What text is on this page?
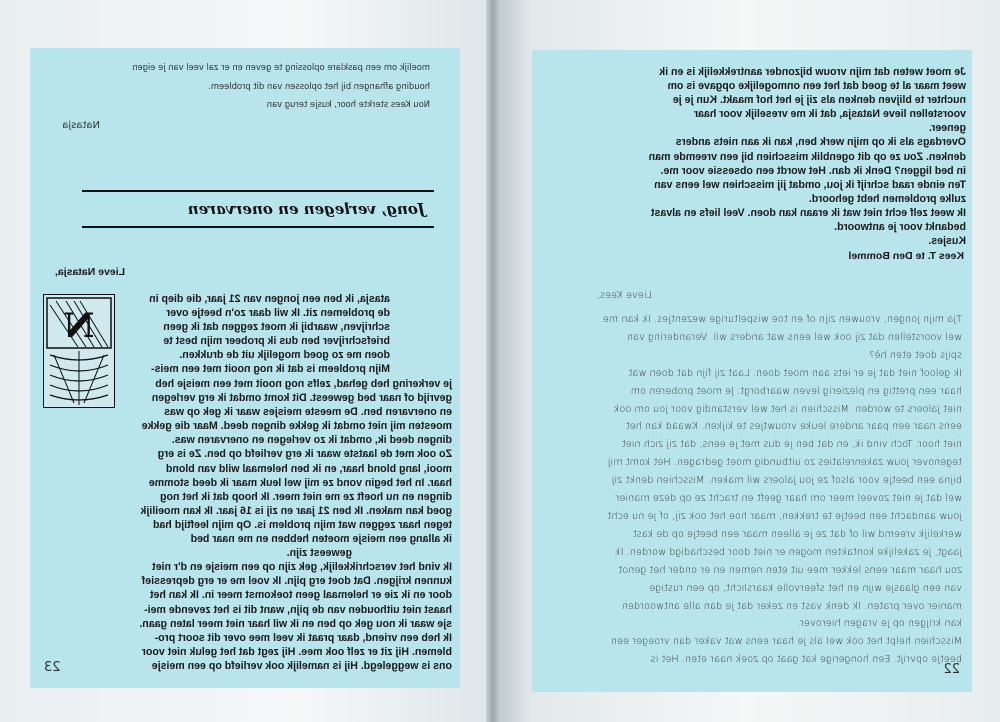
moelijk om een pasklare oplossing te geven en er zal veel van je eigen

houding afhangen bij het oplossen van dit probleem.

Nou Kees sterkte hoor, kusje terug van

Natasja
Jong, verlegen en onervaren
Lieve Natasja,
N

atasja, ik ben een jongen van 21 jaar, die diep in

de problemen zit. Ik wil daar zo'n beetje over

schrijven, waarbij ik moet zeggen dat ik geen

briefschrijver ben dus ik probeer mijn best te

doen me zo goed mogelijk uit de drukken.

Mijn probleem is dat ik nog nooit met een meis-

je verkering heb gehad, zelfs nog nooit met een meisje heb

gevrijd of naar bed geweest. Dit komt omdat ik erg verlegen

en onervaren ben. De meeste meisjes waar ik gek op was

moesten mij niet omdat ik gekke dingen deed. Maar die gekke

dingen deed ik, omdat ik zo verlegen en onervaren was.

Zo ook met de laatste waar ik erg verliefd op ben. Ze is erg

mooi, lang blond haar, en ik ben helemaal wild van blond

haar. In het begin vond ze mij wel leuk maar ik deed stomme

dingen en nu hoeft ze me niet meer. Ik hoop dat ik het nog

goed kan maken. Ik ben 21 jaar en zij is 16 jaar. Ik kan moeilijk

tegen haar zeggen wat mijn problem is. Op mijn leeftijd had

ik allang een meisje moeten hebben en me naar bed

geweest zijn.

Ik vind het verschrikkelijk, gek zijn op een meisje en d'r niet

kunnen krijgen. Dat doet erg pijn. Ik voel me er erg depressief

door en ik zie er helemaal geen toekomst meer in. Ik kan het

haast niet uithouden van de pijn, want dit is het zevende mei-

sje waar ik nou gek op ben en ik wil haar niet meer laten gaan.

Ik heb een vriend, daar praat ik veel mee over dit soort pro-

blemen. Hij zit er zelf ook mee. Hij zegt dat het geluk niet voor

ons is weggelegd. Hij is namelijk ook verliefd op een meisje

23

Je moet weten dat mijn vrouw bijzonder aantrekkelijk is en ik

weet maar al te goed dat het een onmogelijke opgave is om

nuchter te blijven denken als zij je het hof maakt. Kun je je

voorstellen lieve Natasja, dat ik me vreselijk voor haar

geneer.

Overdags als ik op mijn werk ben, kan ik aan niets anders

denken. Zou ze op dit ogenblik misschien bij een vreemde man

in bed liggen? Denk ik dan. Het wordt een obsessie voor me.

Ten einde raad schrijf ik jou, omdat jij misschien wel eens van

zulke problemen hebt gehoord.

Ik weet zelf echt niet wat ik eraan kan doen. Veel liefs en alvast

bedankt voor je antwoord.

Kusjes.

Kees T. te Den Bommel
Lieve Kees,

Tja mijn jongen, vrouwen zijn of en toe wispelturige wezentjes. Ik kan me

wel voorstellen dat zij ook wel eens wat anders wil. Verandering van

spijs doet eten hè?

Ik geloof niet dat je er iets aan moet doen. Laat zij fijn dat doen wat

haar een prettig en plezierig leven waarborgt. Je moet proberen om

niet jaloers te worden. Misschien is het wel verstandig voor jou om ook

eens naar een paar andere leuke vrouwtjes te kijken. Kwaad kan het

niet hoor. Toch vind ik, en dat ben je dus met je eens, dat zij zich niet

tegenover jouw zakenrelaties zo uitbundig moet gedragen. Het komt mij

bijna een beetje voor alsof ze jou jaloers wil maken. Misschien denkt zij

wel dat je niet zoveel meer om haar geeft en tracht ze op deze manier

jouw aandacht een beetje te trekken, maar hoe het ook zij, of je nu echt

werkelijk vreemd wil of dat ze je alleen maar een beetje op de kast

jaagt, je zakelijke kontakten mogen er niet door beschadigd worden. Ik

zou haar maar eens lekker mee uit eten nemen en er onder het genot

van een glaasje wijn en het sfeervolle kaarslicht, op een rustige

manier over praten. Ik denk vast en zeker dat je dan alle antwoorden

kan krijgen op je vragen hierover.

Misschien helpt het ook wel als je haar eens wat vaker dan vroeger een

beetje opvrijt. Een hongerige kat gaat op zoek naar eten. Het is

22
